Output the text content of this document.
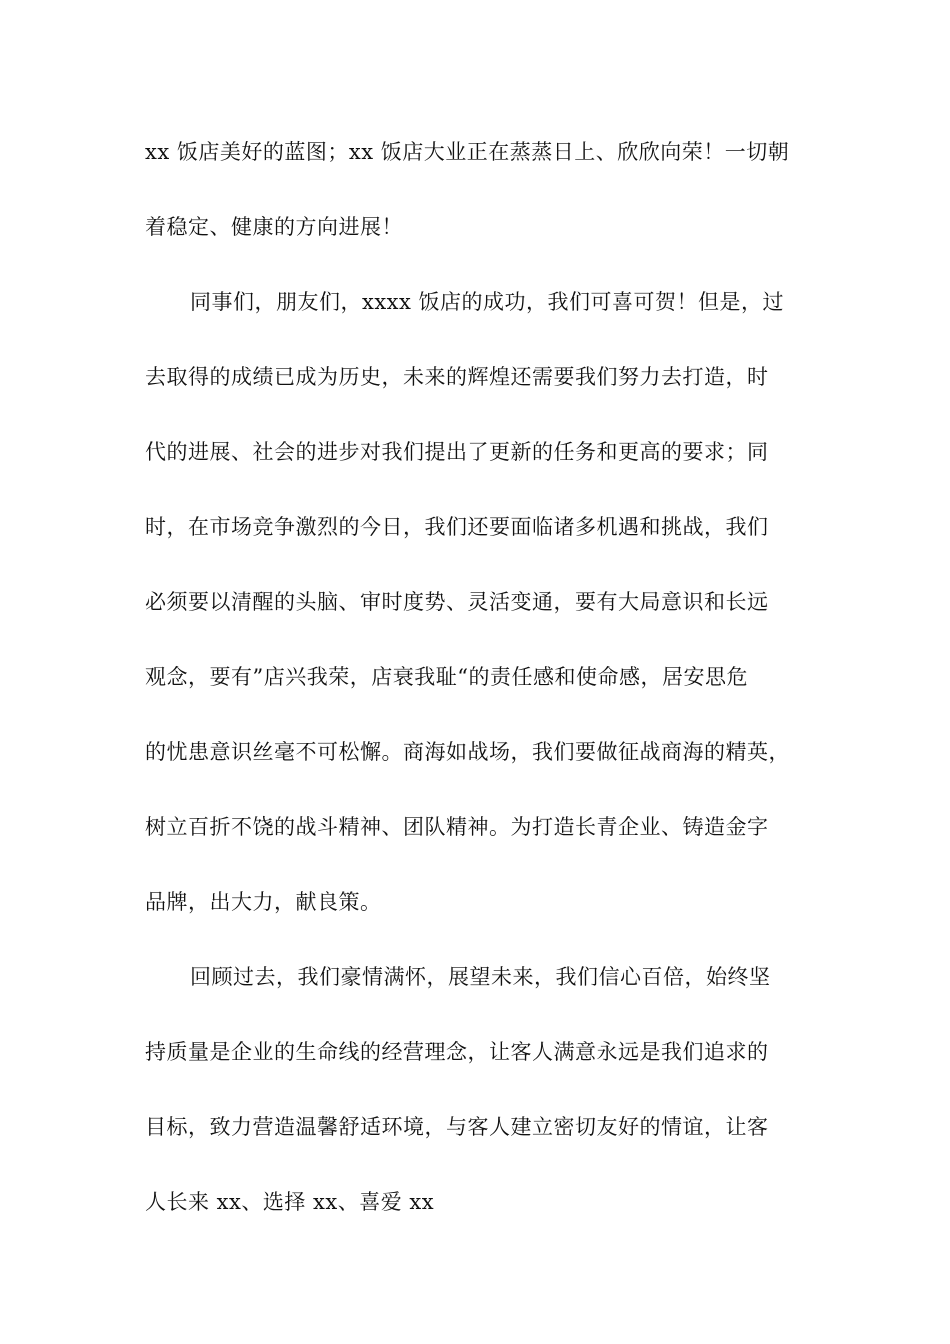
xx 饭店美好的蓝图；xx 饭店大业正在蒸蒸日上、欣欣向荣！一切朝
着稳定、健康的方向进展！
同事们，朋友们，xxxx 饭店的成功，我们可喜可贺！但是，过
去取得的成绩已成为历史，未来的辉煌还需要我们努力去打造，时
代的进展、社会的进步对我们提出了更新的任务和更高的要求；同
时，在市场竞争激烈的今日，我们还要面临诸多机遇和挑战，我们
必须要以清醒的头脑、审时度势、灵活变通，要有大局意识和长远
观念，要有”店兴我荣，店衰我耻“的责任感和使命感，居安思危
的忧患意识丝毫不可松懈。商海如战场，我们要做征战商海的精英，
树立百折不饶的战斗精神、团队精神。为打造长青企业、铸造金字
品牌，出大力，献良策。
回顾过去，我们豪情满怀，展望未来，我们信心百倍，始终坚
持质量是企业的生命线的经营理念，让客人满意永远是我们追求的
目标，致力营造温馨舒适环境，与客人建立密切友好的情谊，让客
人长来 xx、选择 xx、喜爱 xx
